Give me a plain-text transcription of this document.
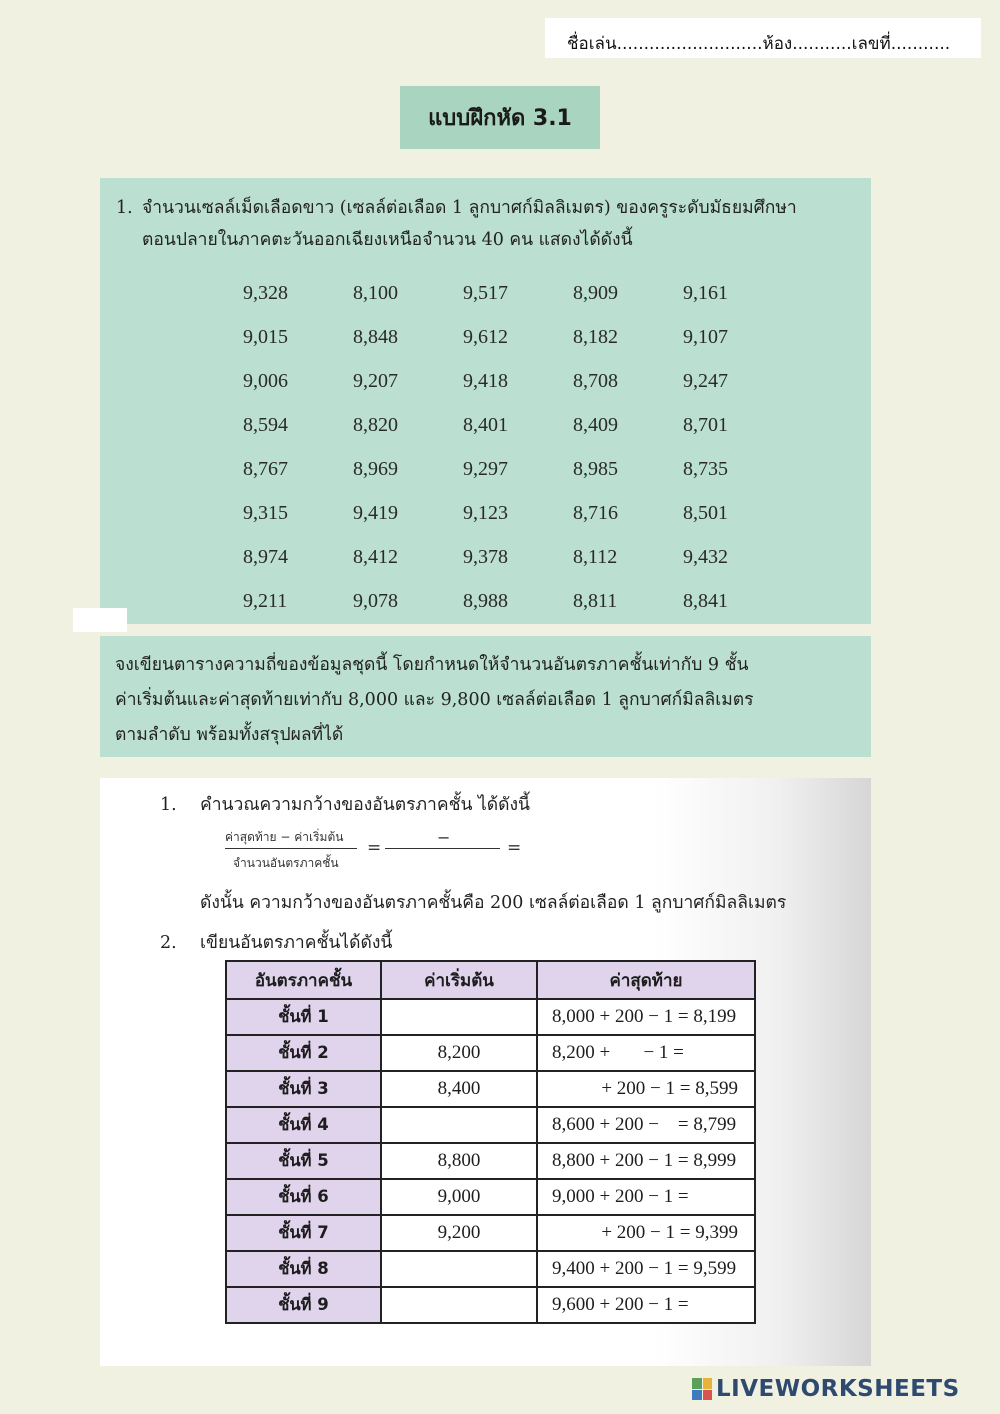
ชื่อเล่น...........................ห้อง...........เลขที่...........
แบบฝึกหัด 3.1
1. จำนวนเซลล์เม็ดเลือดขาว (เซลล์ต่อเลือด 1 ลูกบาศก์มิลลิเมตร) ของครูระดับมัธยมศึกษา
ตอนปลายในภาคตะวันออกเฉียงเหนือจำนวน 40 คน แสดงได้ดังนี้
9,328	8,100	9,517	8,909	9,161
9,015	8,848	9,612	8,182	9,107
9,006	9,207	9,418	8,708	9,247
8,594	8,820	8,401	8,409	8,701
8,767	8,969	9,297	8,985	8,735
9,315	9,419	9,123	8,716	8,501
8,974	8,412	9,378	8,112	9,432
9,211	9,078	8,988	8,811	8,841
จงเขียนตารางความถี่ของข้อมูลชุดนี้ โดยกำหนดให้จำนวนอันตรภาคชั้นเท่ากับ 9 ชั้น
ค่าเริ่มต้นและค่าสุดท้ายเท่ากับ 8,000 และ 9,800 เซลล์ต่อเลือด 1 ลูกบาศก์มิลลิเมตร
ตามลำดับ พร้อมทั้งสรุปผลที่ได้
1. คำนวณความกว้างของอันตรภาคชั้น ได้ดังนี้
ค่าสุดท้าย − ค่าเริ่มต้น
จำนวนอันตรภาคชั้น
=
−
=
ดังนั้น ความกว้างของอันตรภาคชั้นคือ 200 เซลล์ต่อเลือด 1 ลูกบาศก์มิลลิเมตร
2. เขียนอันตรภาคชั้นได้ดังนี้
อันตรภาคชั้น	ค่าเริ่มต้น	ค่าสุดท้าย
ชั้นที่ 1		8,000 + 200 − 1 = 8,199
ชั้นที่ 2	8,200	8,200 +       − 1 =
ชั้นที่ 3	8,400	+ 200 − 1 = 8,599
ชั้นที่ 4		8,600 + 200 −    = 8,799
ชั้นที่ 5	8,800	8,800 + 200 − 1 = 8,999
ชั้นที่ 6	9,000	9,000 + 200 − 1 =
ชั้นที่ 7	9,200	+ 200 − 1 = 9,399
ชั้นที่ 8		9,400 + 200 − 1 = 9,599
ชั้นที่ 9		9,600 + 200 − 1 =
LIVEWORKSHEETS
